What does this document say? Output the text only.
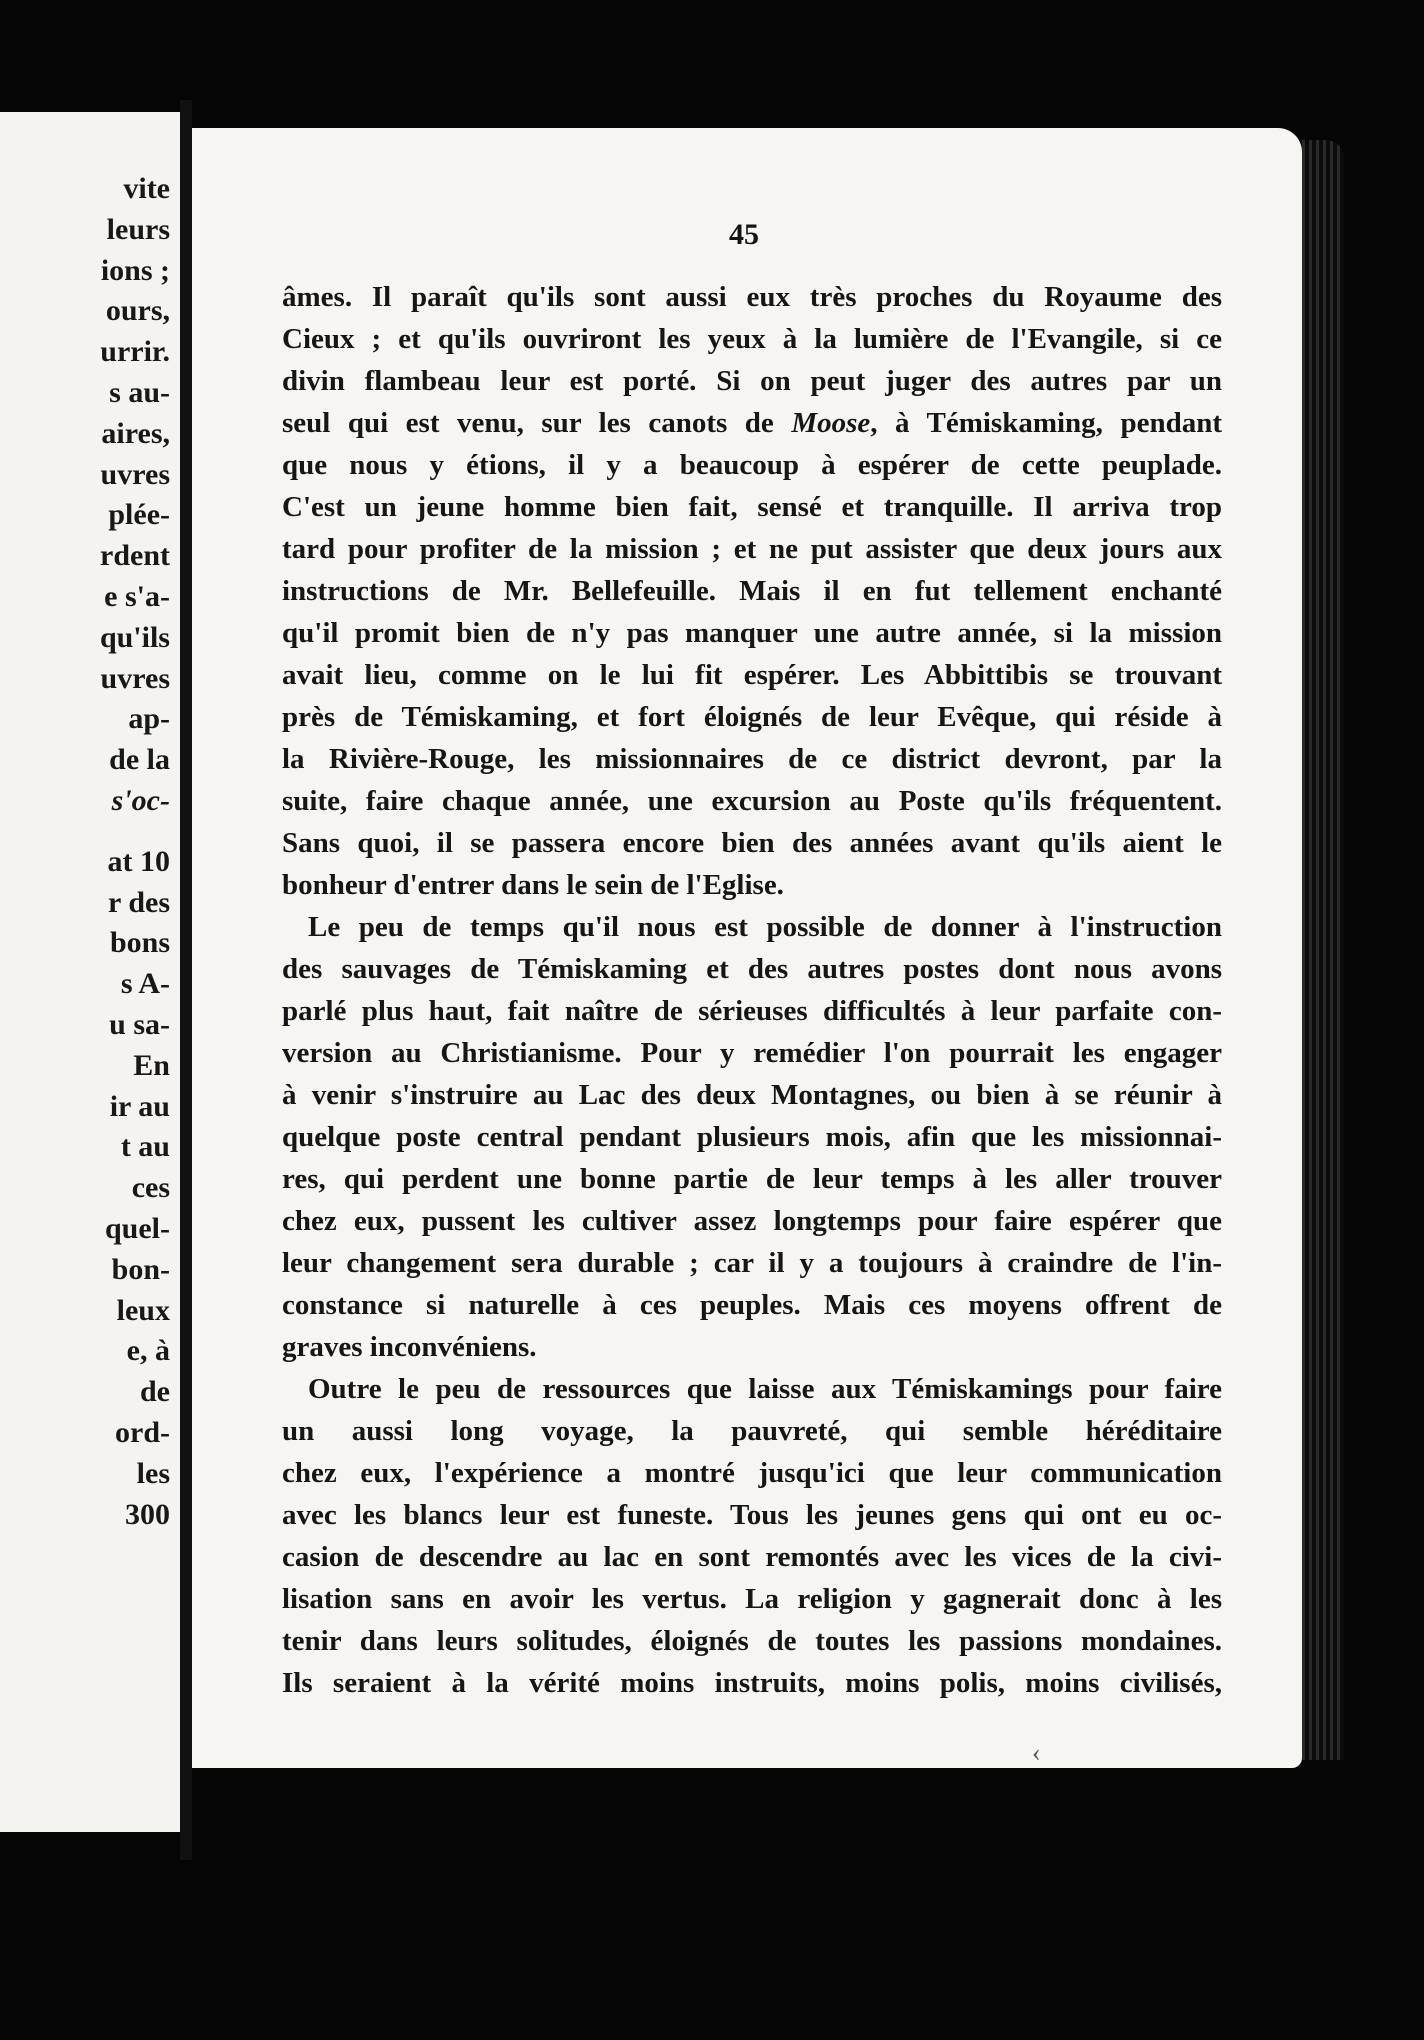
vite
leurs
ions ;
ours,
urrir.
s au-
aires,
uvres
plée-
rdent
e s'a-
qu'ils
uvres
ap-
de la
s'oc-
at 10
r des
bons
s A-
u sa-
En
ir au
t au
ces
quel-
bon-
leux
e, à
de
ord-
les
300
45
âmes. Il paraît qu'ils sont aussi eux très proches du Royaume des
Cieux ; et qu'ils ouvriront les yeux à la lumière de l'Evangile, si ce
divin flambeau leur est porté. Si on peut juger des autres par un
seul qui est venu, sur les canots de Moose, à Témiskaming, pendant
que nous y étions, il y a beaucoup à espérer de cette peuplade.
C'est un jeune homme bien fait, sensé et tranquille. Il arriva trop
tard pour profiter de la mission ; et ne put assister que deux jours aux
instructions de Mr. Bellefeuille. Mais il en fut tellement enchanté
qu'il promit bien de n'y pas manquer une autre année, si la mission
avait lieu, comme on le lui fit espérer. Les Abbittibis se trouvant
près de Témiskaming, et fort éloignés de leur Evêque, qui réside à
la Rivière-Rouge, les missionnaires de ce district devront, par la
suite, faire chaque année, une excursion au Poste qu'ils fréquentent.
Sans quoi, il se passera encore bien des années avant qu'ils aient le
bonheur d'entrer dans le sein de l'Eglise.
Le peu de temps qu'il nous est possible de donner à l'instruction
des sauvages de Témiskaming et des autres postes dont nous avons
parlé plus haut, fait naître de sérieuses difficultés à leur parfaite con-
version au Christianisme. Pour y remédier l'on pourrait les engager
à venir s'instruire au Lac des deux Montagnes, ou bien à se réunir à
quelque poste central pendant plusieurs mois, afin que les missionnai-
res, qui perdent une bonne partie de leur temps à les aller trouver
chez eux, pussent les cultiver assez longtemps pour faire espérer que
leur changement sera durable ; car il y a toujours à craindre de l'in-
constance si naturelle à ces peuples. Mais ces moyens offrent de
graves inconvéniens.
Outre le peu de ressources que laisse aux Témiskamings pour faire
un aussi long voyage, la pauvreté, qui semble héréditaire
chez eux, l'expérience a montré jusqu'ici que leur communication
avec les blancs leur est funeste. Tous les jeunes gens qui ont eu oc-
casion de descendre au lac en sont remontés avec les vices de la civi-
lisation sans en avoir les vertus. La religion y gagnerait donc à les
tenir dans leurs solitudes, éloignés de toutes les passions mondaines.
Ils seraient à la vérité moins instruits, moins polis, moins civilisés,
‹
